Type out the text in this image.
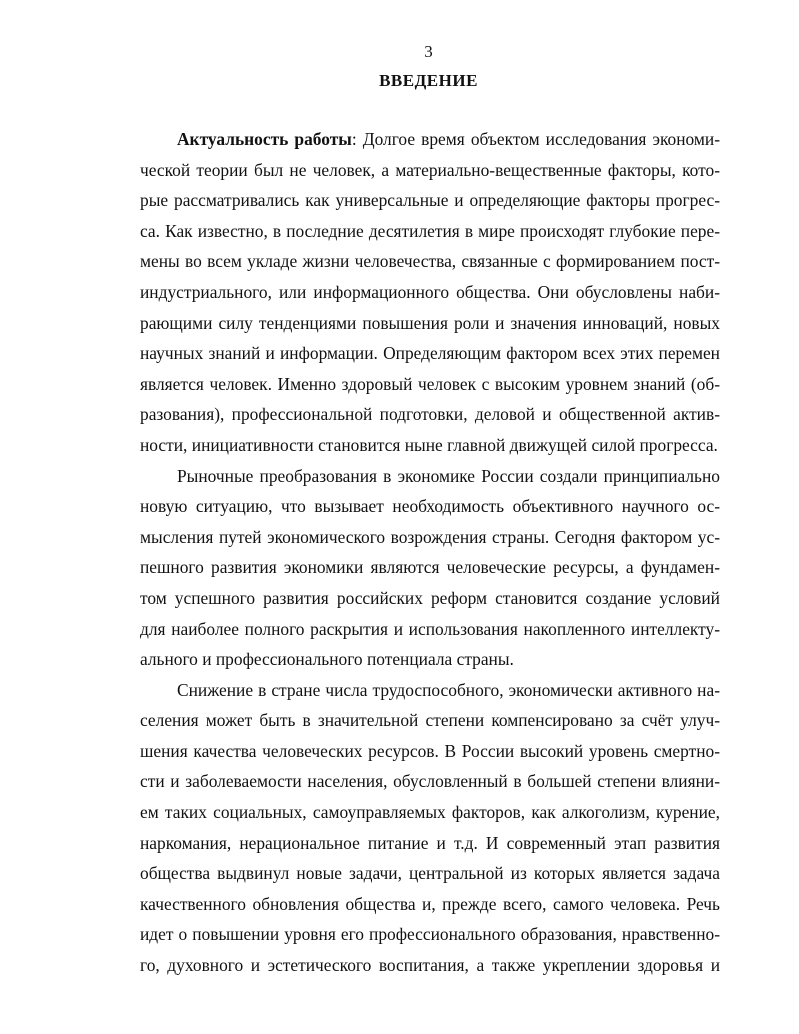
3
ВВЕДЕНИЕ
Актуальность работы: Долгое время объектом исследования экономи-
ческой теории был не человек, а материально-вещественные факторы, кото-
рые рассматривались как универсальные и определяющие факторы прогрес-
са. Как известно, в последние десятилетия в мире происходят глубокие пере-
мены во всем укладе жизни человечества, связанные с формированием пост-
индустриального, или информационного общества. Они обусловлены наби-
рающими силу тенденциями повышения роли и значения инноваций, новых
научных знаний и информации. Определяющим фактором всех этих перемен
является человек. Именно здоровый человек с высоким уровнем знаний (об-
разования), профессиональной подготовки, деловой и общественной актив-
ности, инициативности становится ныне главной движущей силой прогресса.
Рыночные преобразования в экономике России создали принципиально
новую ситуацию, что вызывает необходимость объективного научного ос-
мысления путей экономического возрождения страны. Сегодня фактором ус-
пешного развития экономики являются человеческие ресурсы, а фундамен-
том успешного развития российских реформ становится создание условий
для наиболее полного раскрытия и использования накопленного интеллекту-
ального и профессионального потенциала страны.
Снижение в стране числа трудоспособного, экономически активного на-
селения может быть в значительной степени компенсировано за счёт улуч-
шения качества человеческих ресурсов. В России высокий уровень смертно-
сти и заболеваемости населения, обусловленный в большей степени влияни-
ем таких социальных, самоуправляемых факторов, как алкоголизм, курение,
наркомания, нерациональное питание и т.д. И современный этап развития
общества выдвинул новые задачи, центральной из которых является задача
качественного обновления общества и, прежде всего, самого человека. Речь
идет о повышении уровня его профессионального образования, нравственно-
го, духовного и эстетического воспитания, а также укреплении здоровья и
